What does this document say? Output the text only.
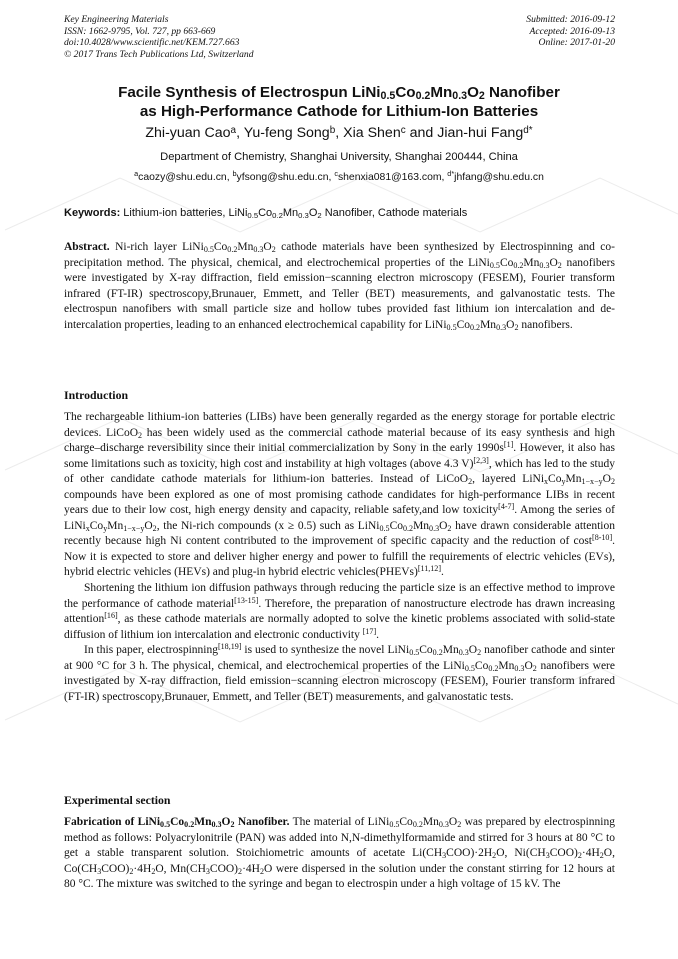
Key Engineering Materials
ISSN: 1662-9795, Vol. 727, pp 663-669
doi:10.4028/www.scientific.net/KEM.727.663
© 2017 Trans Tech Publications Ltd, Switzerland
Submitted: 2016-09-12
Accepted: 2016-09-13
Online: 2017-01-20
Facile Synthesis of Electrospun $LiNi_{0.5}Co_{0.2}Mn_{0.3}O_2$ Nanofiber
as High-Performance Cathode for Lithium-Ion Batteries
Zhi-yuan Cao$^a$, Yu-feng Song$^b$, Xia Shen$^c$ and Jian-hui Fang$^{d*}$
Department of Chemistry, Shanghai University, Shanghai 200444, China
$^a$caozy@shu.edu.cn, $^b$yfsong@shu.edu.cn, $^c$shenxia081@163.com, $^{d*}$jhfang@shu.edu.cn
Keywords: Lithium-ion batteries, $LiNi_{0.5}Co_{0.2}Mn_{0.3}O_2$ Nanofiber, Cathode materials

Abstract. Ni-rich layer $LiNi_{0.5}Co_{0.2}Mn_{0.3}O_2$ cathode materials have been synthesized by Electrospinning and co-precipitation method. The physical, chemical, and electrochemical properties of the $LiNi_{0.5}Co_{0.2}Mn_{0.3}O_2$ nanofibers were investigated by X-ray diffraction, field emission−scanning electron microscopy (FESEM), Fourier transform infrared (FT-IR) spectroscopy,Brunauer, Emmett, and Teller (BET) measurements, and galvanostatic tests. The electrospun nanofibers with small particle size and hollow tubes provided fast lithium ion intercalation and de-intercalation properties, leading to an enhanced electrochemical capability for $LiNi_{0.5}Co_{0.2}Mn_{0.3}O_2$ nanofibers.

Introduction

The rechargeable lithium-ion batteries (LIBs) have been generally regarded as the energy storage for portable electric devices. LiCoO$_2$ has been widely used as the commercial cathode material because of its easy synthesis and high charge–discharge reversibility since their initial commercialization by Sony in the early 1990s[1]. However, it also has some limitations such as toxicity, high cost and instability at high voltages (above 4.3 V)[2,3], which has led to the study of other candidate cathode materials for lithium-ion batteries. Instead of LiCoO$_2$, layered $LiNi_xCo_yMn_{1-x-y}O_2$ compounds have been explored as one of most promising cathode candidates for high-performance LIBs in recent years due to their low cost, high energy density and capacity, reliable safety,and low toxicity[4-7]. Among the series of $LiNi_xCo_yMn_{1-x-y}O_2$, the Ni-rich compounds (x ≥ 0.5) such as $LiNi_{0.5}Co_{0.2}Mn_{0.3}O_2$ have drawn considerable attention recently because high Ni content contributed to the improvement of specific capacity and the reduction of cost[8-10]. Now it is expected to store and deliver higher energy and power to fulfill the requirements of electric vehicles (EVs), hybrid electric vehicles (HEVs) and plug-in hybrid electric vehicles(PHEVs)[11,12].

Shortening the lithium ion diffusion pathways through reducing the particle size is an effective method to improve the performance of cathode material[13-15]. Therefore, the preparation of nanostructure electrode has drawn increasing attention[16], as these cathode materials are normally adopted to solve the kinetic problems associated with solid-state diffusion of lithium ion intercalation and electronic conductivity [17].

In this paper, electrospinning[18,19] is used to synthesize the novel $LiNi_{0.5}Co_{0.2}Mn_{0.3}O_2$ nanofiber cathode and sinter at 900 °C for 3 h. The physical, chemical, and electrochemical properties of the $LiNi_{0.5}Co_{0.2}Mn_{0.3}O_2$ nanofibers were investigated by X-ray diffraction, field emission−scanning electron microscopy (FESEM), Fourier transform infrared (FT-IR) spectroscopy,Brunauer, Emmett, and Teller (BET) measurements, and galvanostatic tests.

Experimental section

Fabrication of $LiNi_{0.5}Co_{0.2}Mn_{0.3}O_2$ Nanofiber. The material of $LiNi_{0.5}Co_{0.2}Mn_{0.3}O_2$ was prepared by electrospinning method as follows: Polyacrylonitrile (PAN) was added into N,N-dimethylformamide and stirred for 3 hours at 80 °C to get a stable transparent solution. Stoichiometric amounts of acetate $Li(CH_3COO)\cdot 2H_2O$, $Ni(CH_3COO)_2\cdot 4H_2O$, $Co(CH_3COO)_2\cdot 4H_2O$, $Mn(CH_3COO)_2\cdot 4H_2O$ were dispersed in the solution under the constant stirring for 12 hours at 80 °C. The mixture was switched to the syringe and began to electrospin under a high voltage of 15 kV. The
